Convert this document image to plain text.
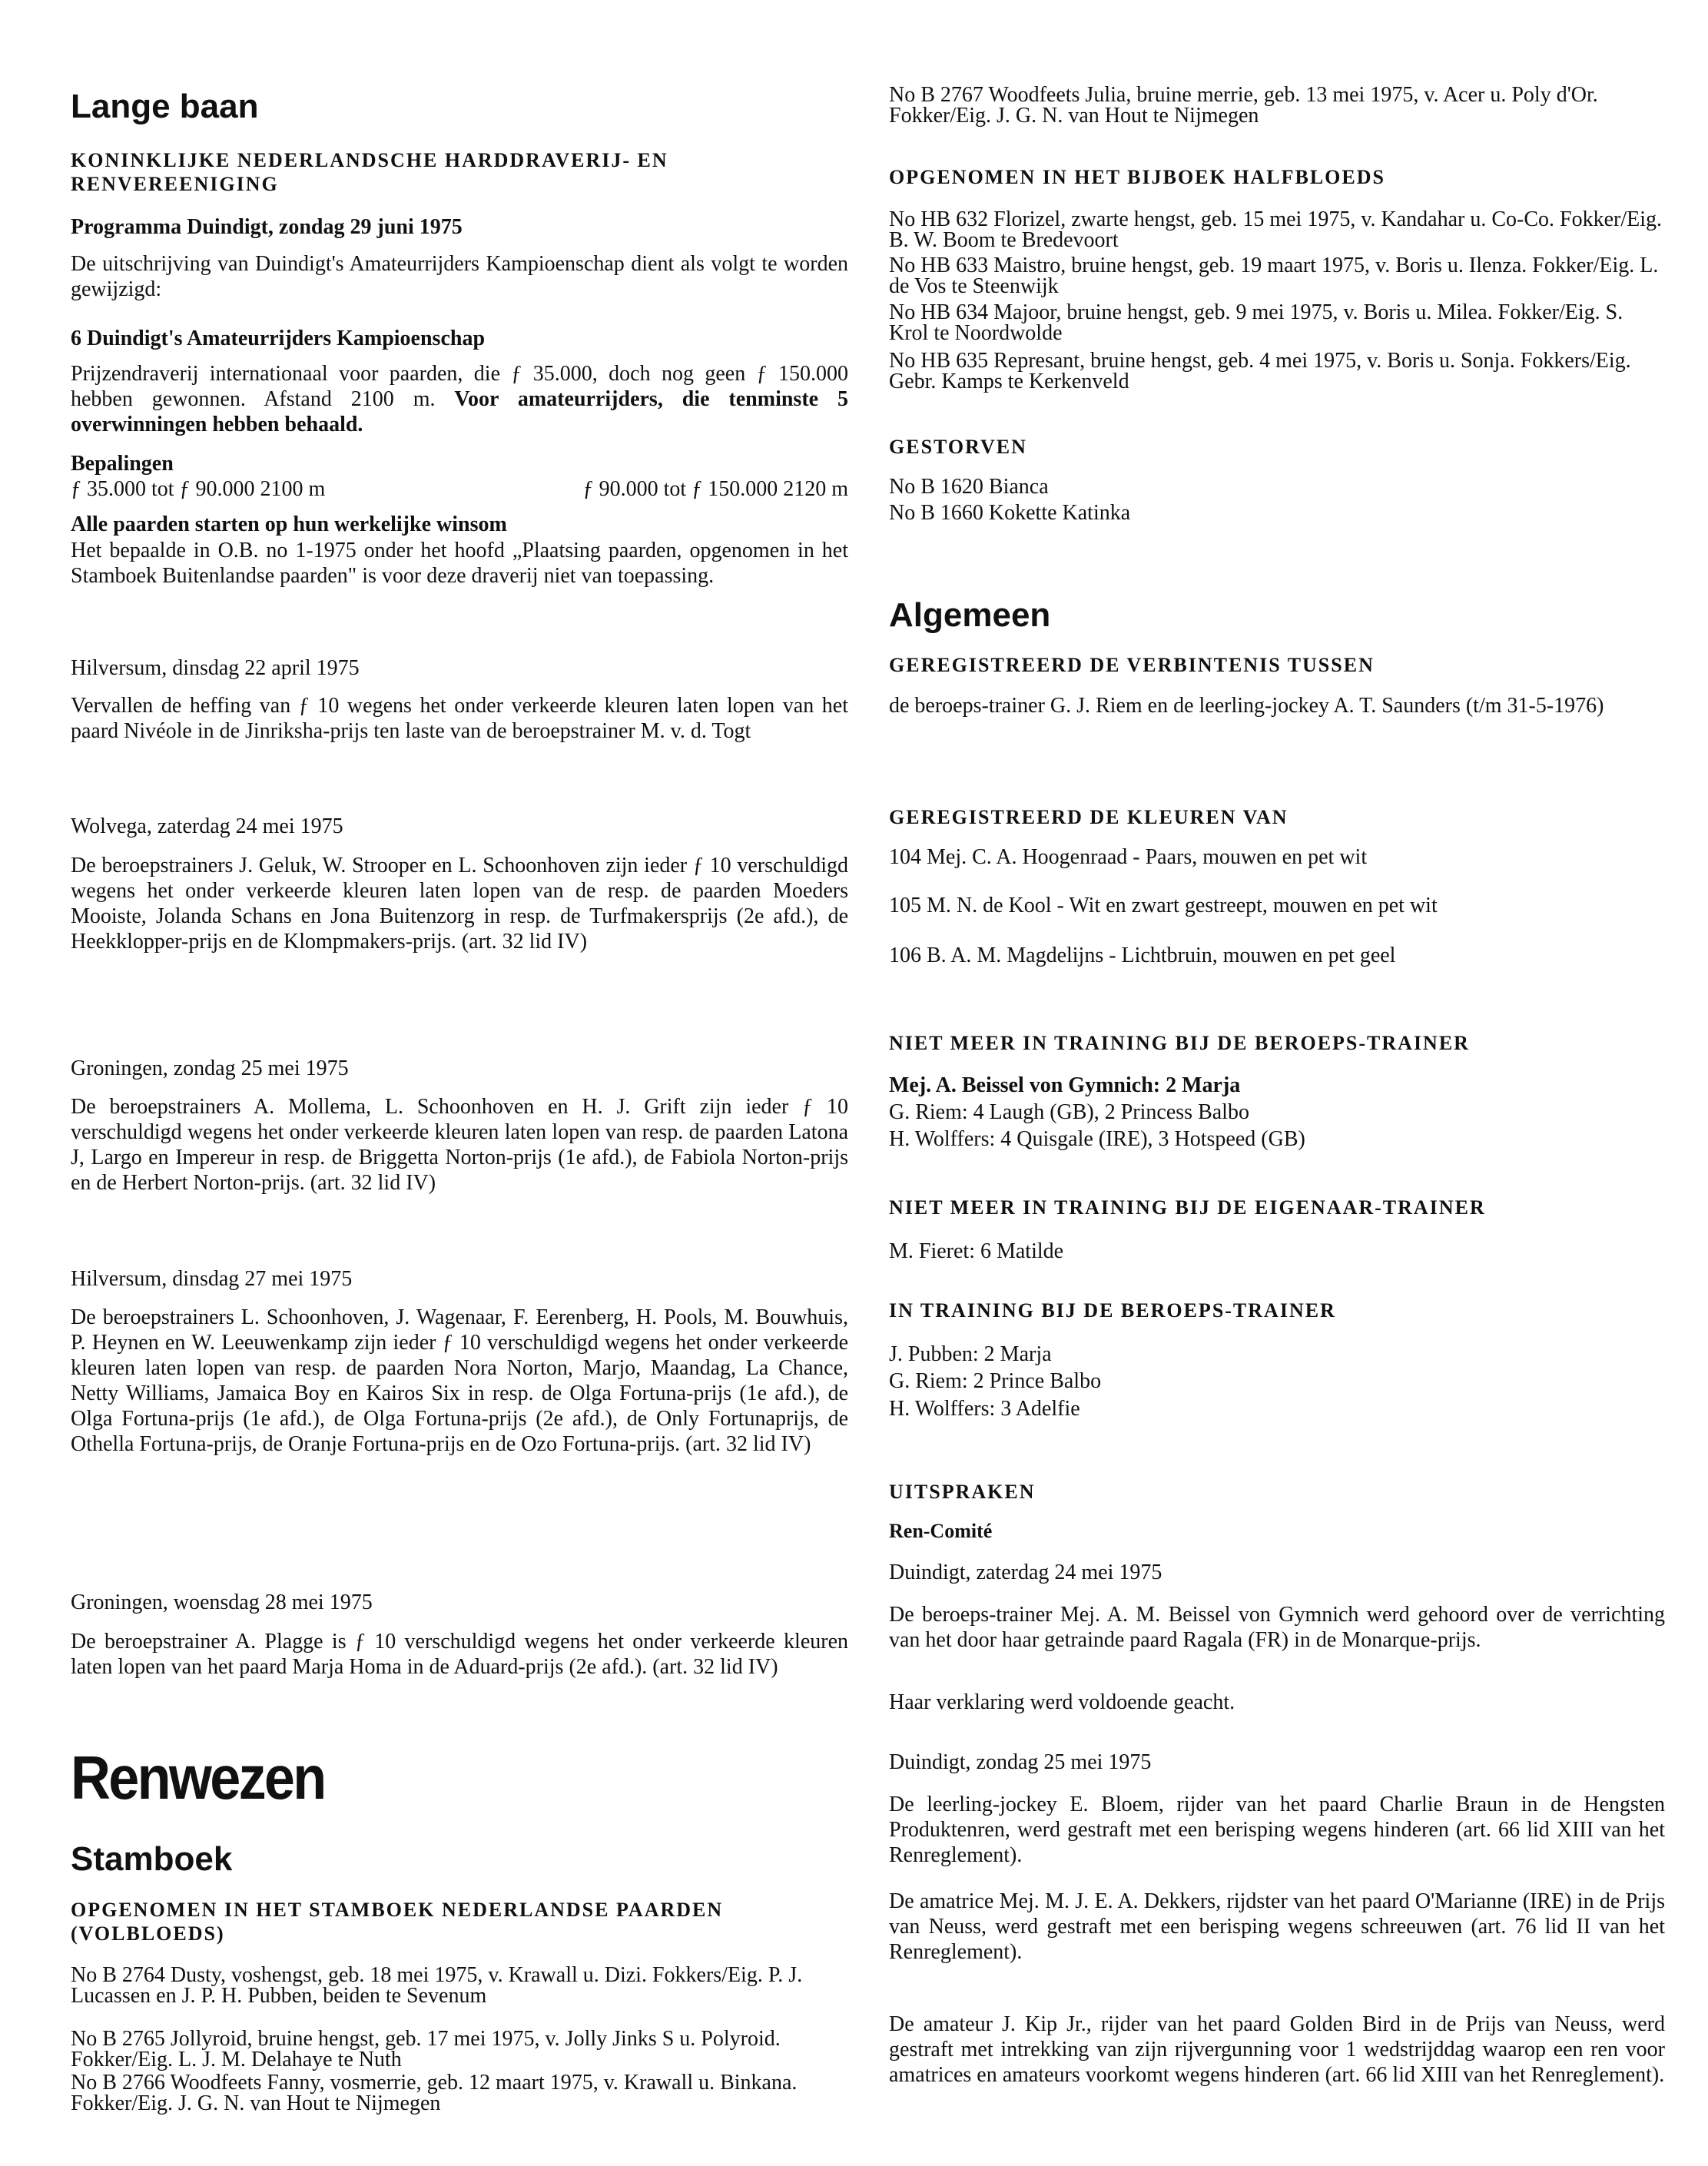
Lange baan
KONINKLIJKE NEDERLANDSCHE HARDDRAVERIJ- EN RENVEREENIGING
Programma Duindigt, zondag 29 juni 1975

De uitschrijving van Duindigt's Amateurrijders Kampioenschap dient als volgt te worden gewijzigd:

6 Duindigt's Amateurrijders Kampioenschap

Prijzendraverij internationaal voor paarden, die ƒ 35.000, doch nog geen ƒ 150.000 hebben gewonnen. Afstand 2100 m. Voor amateurrijders, die tenminste 5 overwinningen hebben behaald.

Bepalingen
ƒ 35.000 tot ƒ 90.000 2100 m	ƒ 90.000 tot ƒ 150.000 2120 m
Alle paarden starten op hun werkelijke winsom

Het bepaalde in O.B. no 1-1975 onder het hoofd „Plaatsing paarden, opgenomen in het Stamboek Buitenlandse paarden" is voor deze draverij niet van toepassing.

Hilversum, dinsdag 22 april 1975

Vervallen de heffing van ƒ 10 wegens het onder verkeerde kleuren laten lopen van het paard Nivéole in de Jinriksha-prijs ten laste van de beroepstrainer M. v. d. Togt

Wolvega, zaterdag 24 mei 1975

De beroepstrainers J. Geluk, W. Strooper en L. Schoonhoven zijn ieder ƒ 10 verschuldigd wegens het onder verkeerde kleuren laten lopen van de resp. de paarden Moeders Mooiste, Jolanda Schans en Jona Buitenzorg in resp. de Turfmakersprijs (2e afd.), de Heekklopper-prijs en de Klompmakers-prijs. (art. 32 lid IV)

Groningen, zondag 25 mei 1975

De beroepstrainers A. Mollema, L. Schoonhoven en H. J. Grift zijn ieder ƒ 10 verschuldigd wegens het onder verkeerde kleuren laten lopen van resp. de paarden Latona J, Largo en Impereur in resp. de Briggetta Norton-prijs (1e afd.), de Fabiola Norton-prijs en de Herbert Norton-prijs. (art. 32 lid IV)

Hilversum, dinsdag 27 mei 1975

De beroepstrainers L. Schoonhoven, J. Wagenaar, F. Eerenberg, H. Pools, M. Bouwhuis, P. Heynen en W. Leeuwenkamp zijn ieder ƒ 10 verschuldigd wegens het onder verkeerde kleuren laten lopen van resp. de paarden Nora Norton, Marjo, Maandag, La Chance, Netty Williams, Jamaica Boy en Kairos Six in resp. de Olga Fortuna-prijs (1e afd.), de Olga Fortuna-prijs (1e afd.), de Olga Fortuna-prijs (2e afd.), de Only Fortunaprijs, de Othella Fortuna-prijs, de Oranje Fortuna-prijs en de Ozo Fortuna-prijs. (art. 32 lid IV)

Groningen, woensdag 28 mei 1975

De beroepstrainer A. Plagge is ƒ 10 verschuldigd wegens het onder verkeerde kleuren laten lopen van het paard Marja Homa in de Aduard-prijs (2e afd.). (art. 32 lid IV)

Renwezen
Stamboek
OPGENOMEN IN HET STAMBOEK NEDERLANDSE PAARDEN (VOLBLOEDS)

No B 2764 Dusty, voshengst, geb. 18 mei 1975, v. Krawall u. Dizi. Fokkers/Eig. P. J. Lucassen en J. P. H. Pubben, beiden te Sevenum

No B 2765 Jollyroid, bruine hengst, geb. 17 mei 1975, v. Jolly Jinks S u. Polyroid. Fokker/Eig. L. J. M. Delahaye te Nuth

No B 2766 Woodfeets Fanny, vosmerrie, geb. 12 maart 1975, v. Krawall u. Binkana. Fokker/Eig. J. G. N. van Hout te Nijmegen

No B 2767 Woodfeets Julia, bruine merrie, geb. 13 mei 1975, v. Acer u. Poly d'Or. Fokker/Eig. J. G. N. van Hout te Nijmegen

OPGENOMEN IN HET BIJBOEK HALFBLOEDS

No HB 632 Florizel, zwarte hengst, geb. 15 mei 1975, v. Kandahar u. Co-Co. Fokker/Eig. B. W. Boom te Bredevoort

No HB 633 Maistro, bruine hengst, geb. 19 maart 1975, v. Boris u. Ilenza. Fokker/Eig. L. de Vos te Steenwijk

No HB 634 Majoor, bruine hengst, geb. 9 mei 1975, v. Boris u. Milea. Fokker/Eig. S. Krol te Noordwolde

No HB 635 Represant, bruine hengst, geb. 4 mei 1975, v. Boris u. Sonja. Fokkers/Eig. Gebr. Kamps te Kerkenveld

GESTORVEN
No B 1620 Bianca
No B 1660 Kokette Katinka
Algemeen
GEREGISTREERD DE VERBINTENIS TUSSEN

de beroeps-trainer G. J. Riem en de leerling-jockey A. T. Saunders (t/m 31-5-1976)

GEREGISTREERD DE KLEUREN VAN

104 Mej. C. A. Hoogenraad - Paars, mouwen en pet wit

105 M. N. de Kool - Wit en zwart gestreept, mouwen en pet wit

106 B. A. M. Magdelijns - Lichtbruin, mouwen en pet geel

NIET MEER IN TRAINING BIJ DE BEROEPS-TRAINER
Mej. A. Beissel von Gymnich: 2 Marja
G. Riem: 4 Laugh (GB), 2 Princess Balbo
H. Wolffers: 4 Quisgale (IRE), 3 Hotspeed (GB)
NIET MEER IN TRAINING BIJ DE EIGENAAR-TRAINER
M. Fieret: 6 Matilde
IN TRAINING BIJ DE BEROEPS-TRAINER
J. Pubben: 2 Marja
G. Riem: 2 Prince Balbo
H. Wolffers: 3 Adelfie
UITSPRAKEN
Ren-Comité
Duindigt, zaterdag 24 mei 1975

De beroeps-trainer Mej. A. M. Beissel von Gymnich werd gehoord over de verrichting van het door haar getrainde paard Ragala (FR) in de Monarque-prijs.

Haar verklaring werd voldoende geacht.

Duindigt, zondag 25 mei 1975

De leerling-jockey E. Bloem, rijder van het paard Charlie Braun in de Hengsten Produktenren, werd gestraft met een berisping wegens hinderen (art. 66 lid XIII van het Renreglement).

De amatrice Mej. M. J. E. A. Dekkers, rijdster van het paard O'Marianne (IRE) in de Prijs van Neuss, werd gestraft met een berisping wegens schreeuwen (art. 76 lid II van het Renreglement).

De amateur J. Kip Jr., rijder van het paard Golden Bird in de Prijs van Neuss, werd gestraft met intrekking van zijn rijvergunning voor 1 wedstrijddag waarop een ren voor amatrices en amateurs voorkomt wegens hinderen (art. 66 lid XIII van het Renreglement).
